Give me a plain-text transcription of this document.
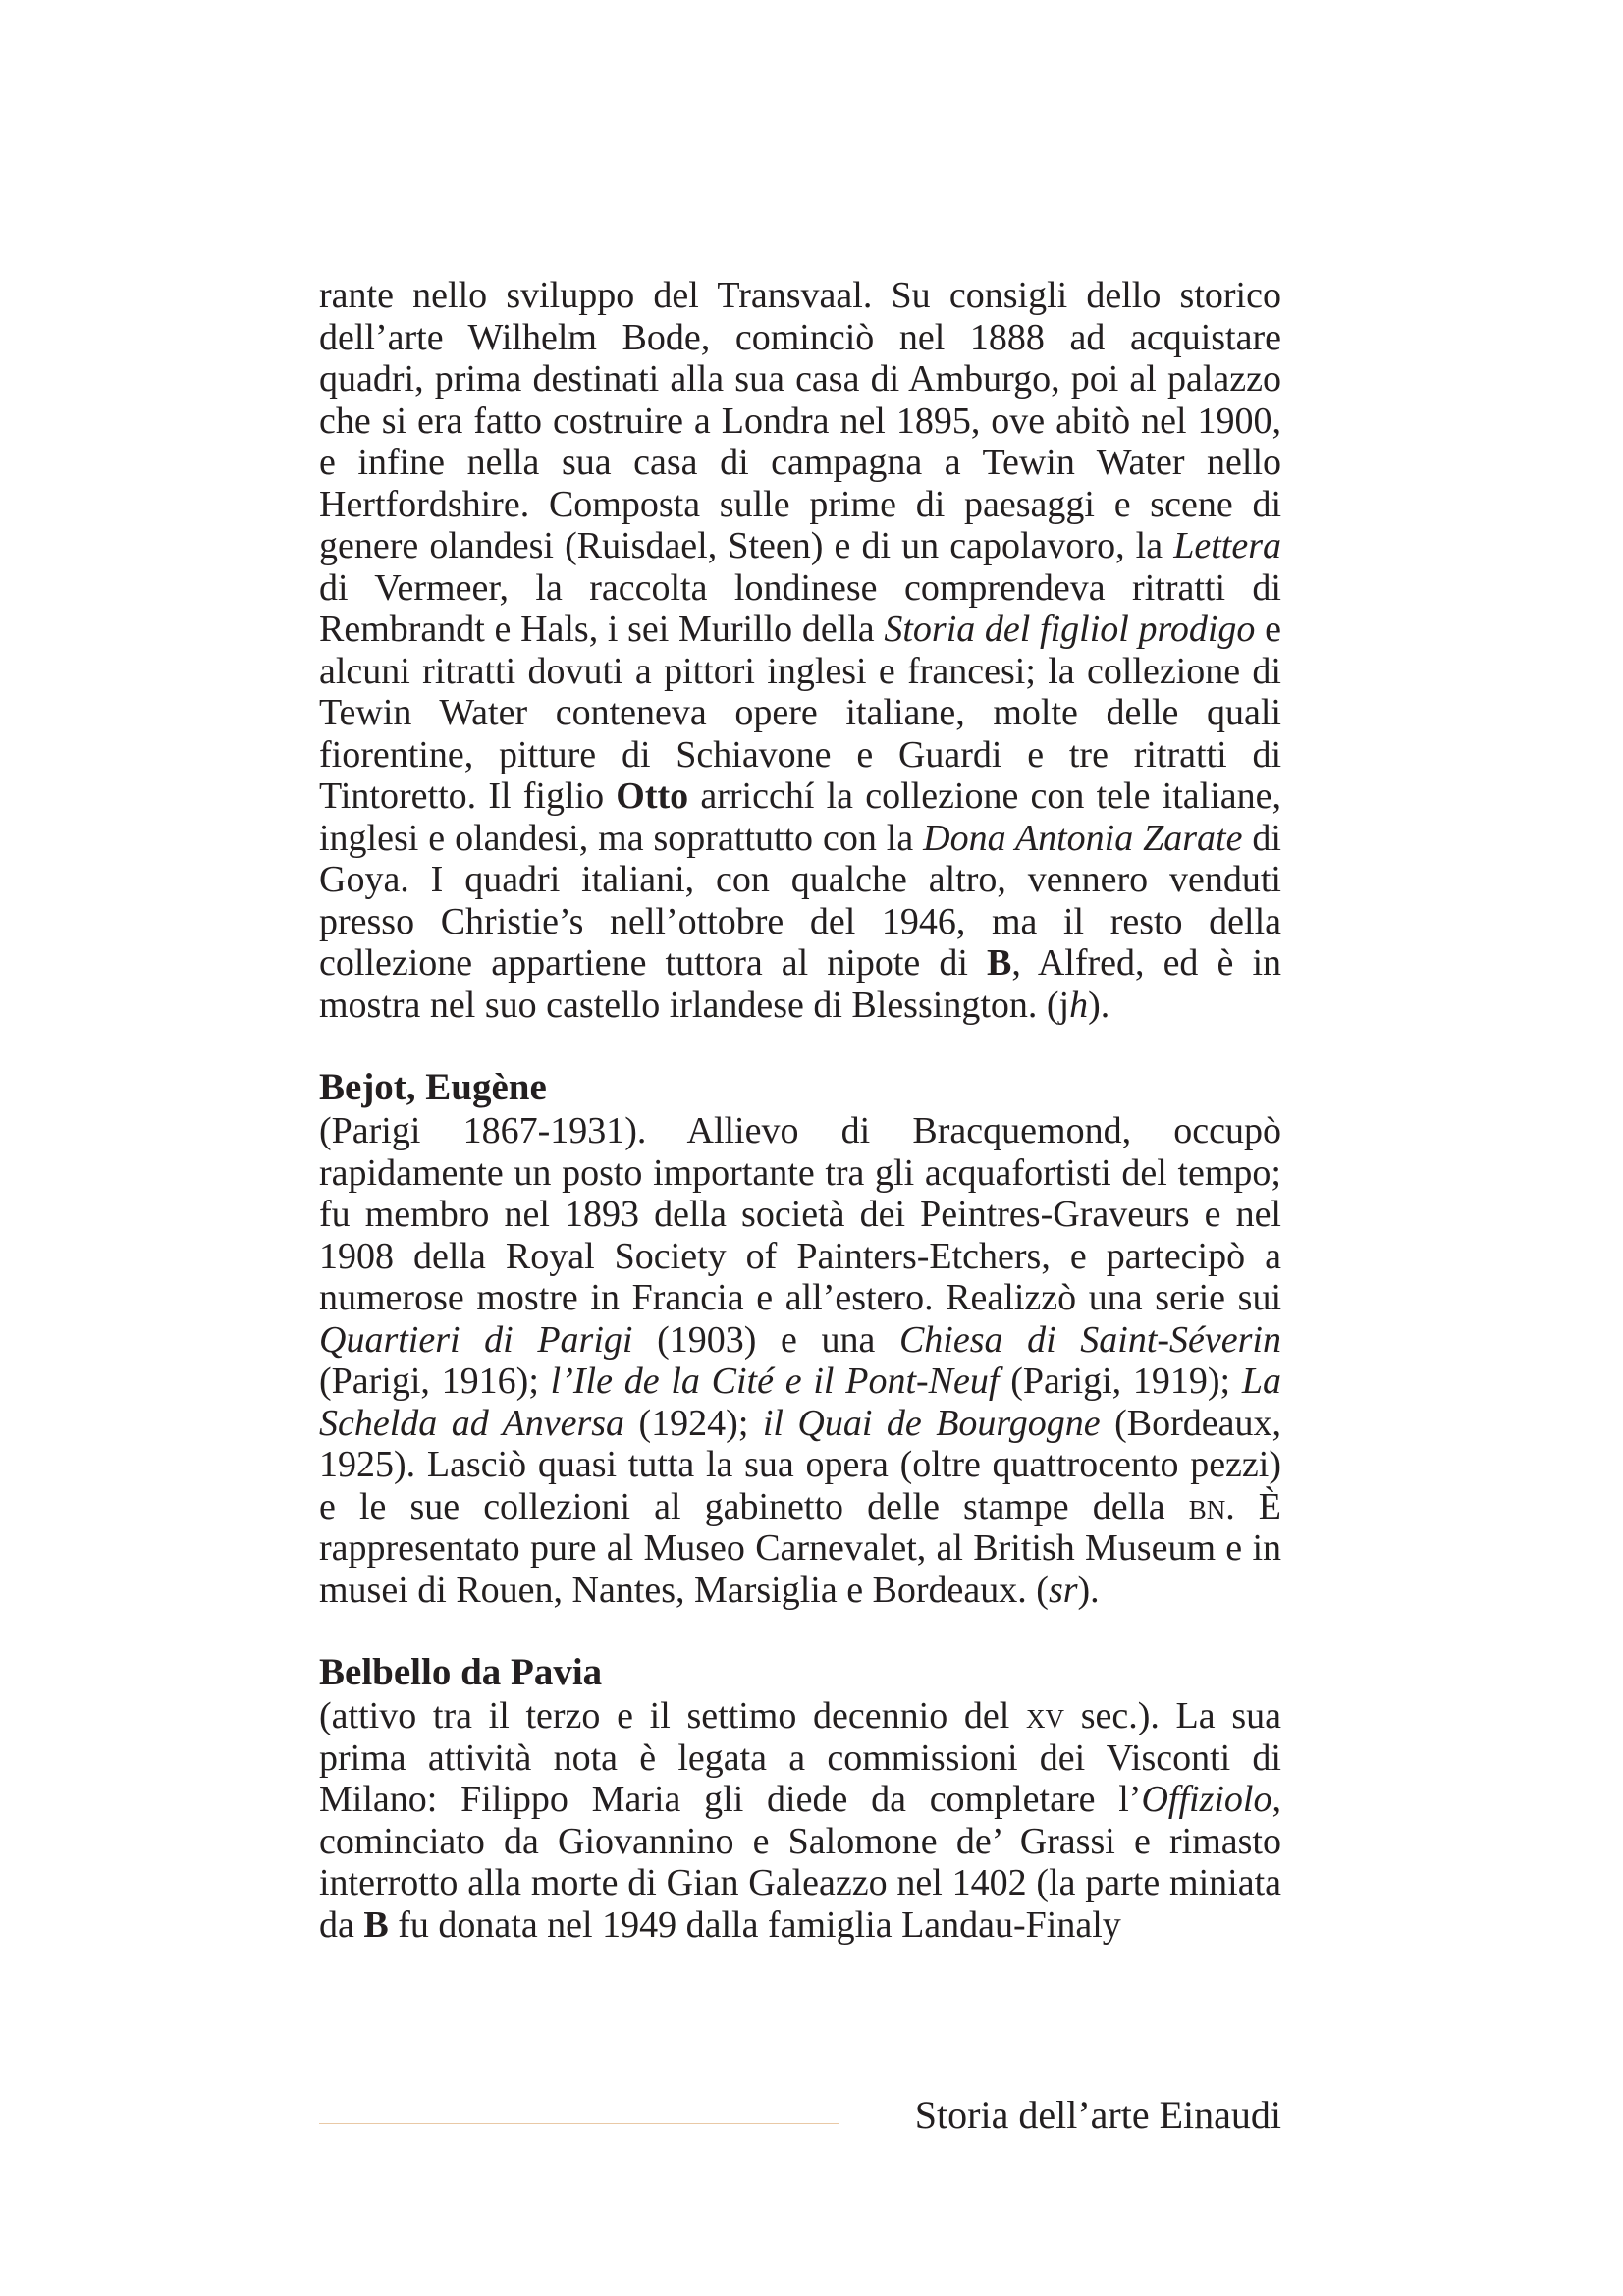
rante nello sviluppo del Transvaal. Su consigli dello storico dell’arte Wilhelm Bode, cominciò nel 1888 ad acquistare quadri, prima destinati alla sua casa di Amburgo, poi al palazzo che si era fatto costruire a Londra nel 1895, ove abitò nel 1900, e infine nella sua casa di campagna a Tewin Water nello Hertfordshire. Composta sulle prime di paesaggi e scene di genere olandesi (Ruisdael, Steen) e di un capolavoro, la Lettera di Vermeer, la raccolta londinese comprendeva ritratti di Rembrandt e Hals, i sei Murillo della Storia del figliol prodigo e alcuni ritratti dovuti a pittori inglesi e francesi; la collezione di Tewin Water conteneva opere italiane, molte delle quali fiorentine, pitture di Schiavone e Guardi e tre ritratti di Tintoretto. Il figlio Otto arricchí la collezione con tele italiane, inglesi e olandesi, ma soprattutto con la Dona Antonia Zarate di Goya. I quadri italiani, con qualche altro, vennero venduti presso Christie’s nell’ottobre del 1946, ma il resto della collezione appartiene tuttora al nipote di B, Alfred, ed è in mostra nel suo castello irlandese di Blessington. (jh).

Bejot, Eugène

(Parigi 1867-1931). Allievo di Bracquemond, occupò rapidamente un posto importante tra gli acquafortisti del tempo; fu membro nel 1893 della società dei Peintres-Graveurs e nel 1908 della Royal Society of Painters-Etchers, e partecipò a numerose mostre in Francia e all’estero. Realizzò una serie sui Quartieri di Parigi (1903) e una Chiesa di Saint-Séverin (Parigi, 1916); l’Ile de la Cité e il Pont-Neuf (Parigi, 1919); La Schelda ad Anversa (1924); il Quai de Bourgogne (Bordeaux, 1925). Lasciò quasi tutta la sua opera (oltre quattrocento pezzi) e le sue collezioni al gabinetto delle stampe della bn. È rappresentato pure al Museo Carnevalet, al British Museum e in musei di Rouen, Nantes, Marsiglia e Bordeaux. (sr).

Belbello da Pavia

(attivo tra il terzo e il settimo decennio del xv sec.). La sua prima attività nota è legata a commissioni dei Visconti di Milano: Filippo Maria gli diede da completare l’Offiziolo, cominciato da Giovannino e Salomone de’ Grassi e rimasto interrotto alla morte di Gian Galeazzo nel 1402 (la parte miniata da B fu donata nel 1949 dalla famiglia Landau-Finaly

Storia dell’arte Einaudi
